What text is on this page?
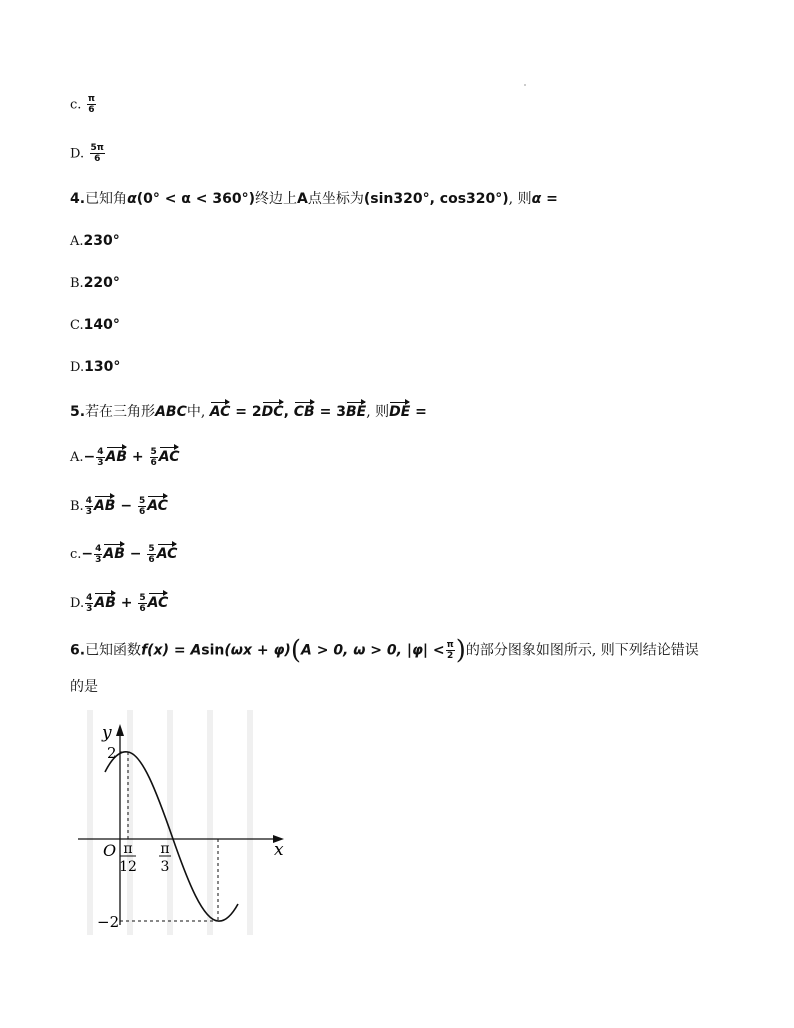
c. $\frac{\pi}{6}$
D. $\frac{5\pi}{6}$
4.已知角α(0° < α < 360°)终边上A点坐标为(sin320°, cos320°), 则α =
A.230°
B.220°
C.140°
D.130°
5.若在三角形ABC中, AC = 2DC, CB = 3BE, 则DE =
$A.- \frac{4}{3}$ AB + $\frac{5}{6}$ AC
B. $\frac{4}{3}$ AB − $\frac{5}{6}$ AC
$c.- \frac{4}{3}$ AB − $\frac{5}{6}$ AC
D. $\frac{4}{3}$ AB + $\frac{5}{6}$ AC
6.已知函数f(x) = Asin(ωx + φ)(A > 0, ω > 0, $|\varphi| < \frac{\pi}{2}$ )的部分图象如图所示, 则下列结论错误
的是
y
x
O
2
−2
π
12
π
3
